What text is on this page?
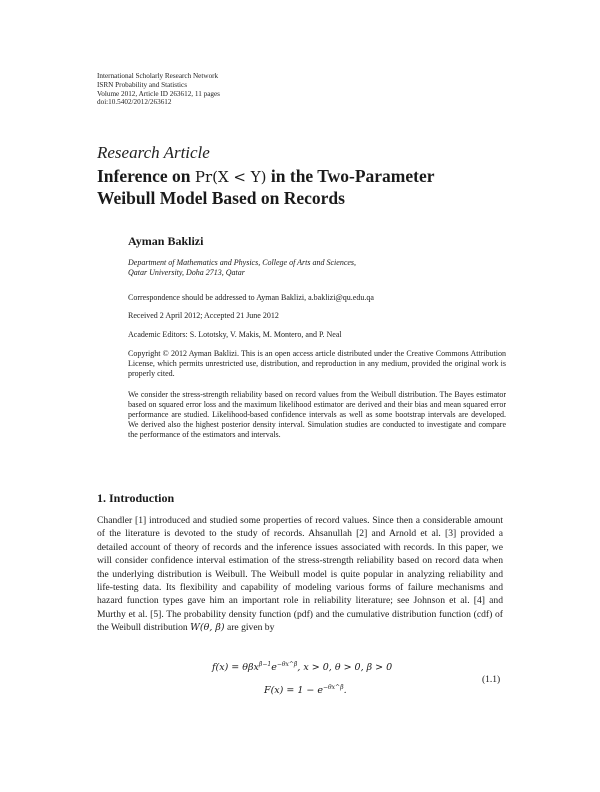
International Scholarly Research Network
ISRN Probability and Statistics
Volume 2012, Article ID 263612, 11 pages
doi:10.5402/2012/263612
Research Article
Inference on Pr(X < Y) in the Two-Parameter
Weibull Model Based on Records
Ayman Baklizi
Department of Mathematics and Physics, College of Arts and Sciences,
Qatar University, Doha 2713, Qatar
Correspondence should be addressed to Ayman Baklizi, a.baklizi@qu.edu.qa
Received 2 April 2012; Accepted 21 June 2012
Academic Editors: S. Lototsky, V. Makis, M. Montero, and P. Neal
Copyright © 2012 Ayman Baklizi. This is an open access article distributed under the Creative Commons Attribution License, which permits unrestricted use, distribution, and reproduction in any medium, provided the original work is properly cited.
We consider the stress-strength reliability based on record values from the Weibull distribution. The Bayes estimator based on squared error loss and the maximum likelihood estimator are derived and their bias and mean squared error performance are studied. Likelihood-based confidence intervals as well as some bootstrap intervals are developed. We derived also the highest posterior density interval. Simulation studies are conducted to investigate and compare the performance of the estimators and intervals.
1. Introduction

Chandler [1] introduced and studied some properties of record values. Since then a considerable amount of the literature is devoted to the study of records. Ahsanullah [2] and Arnold et al. [3] provided a detailed account of theory of records and the inference issues associated with records. In this paper, we will consider confidence interval estimation of the stress-strength reliability based on record data when the underlying distribution is Weibull. The Weibull model is quite popular in analyzing reliability and life-testing data. Its flexibility and capability of modeling various forms of failure mechanisms and hazard function types gave him an important role in reliability literature; see Johnson et al. [4] and Murthy et al. [5]. The probability density function (pdf) and the cumulative distribution function (cdf) of the Weibull distribution W(θ, β) are given by

$f(x) = \theta\beta x^{\beta-1}e^{-\theta x\^{}\beta}$, x > 0, θ > 0, β > 0
$F(x) = 1 - e^{-\theta x\^{}\beta}$.
(1.1)
